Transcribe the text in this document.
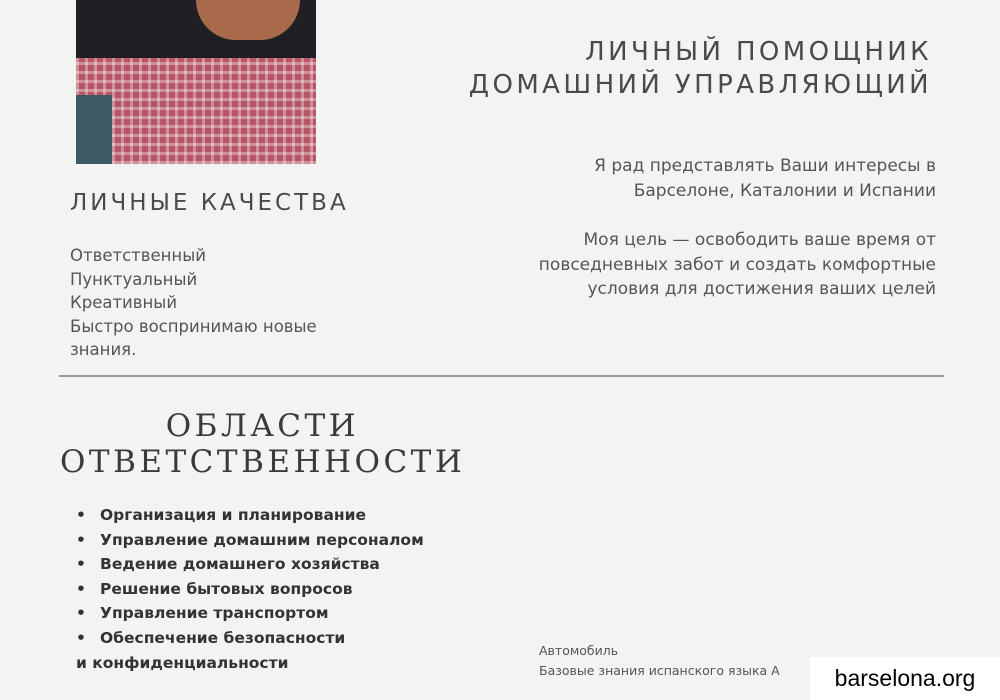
ЛИЧНЫЙ ПОМОЩНИК
ДОМАШНИЙ УПРАВЛЯЮЩИЙ

Я рад представлять Ваши интересы в Барселоне, Каталонии и Испании

Моя цель — освободить ваше время от повседневных забот и создать комфортные условия для достижения ваших целей

ЛИЧНЫЕ КАЧЕСТВА
Ответственный
Пунктуальный
Креативный
Быстро воспринимаю новые знания.
ОБЛАСТИ
ОТВЕТСТВЕННОСТИ
• Организация и планирование
• Управление домашним персоналом
• Ведение домашнего хозяйства
• Решение бытовых вопросов
• Управление транспортом
• Обеспечение безопасности
и конфиденциальности
Автомобиль
Базовые знания испанского языка А	barselona.org
